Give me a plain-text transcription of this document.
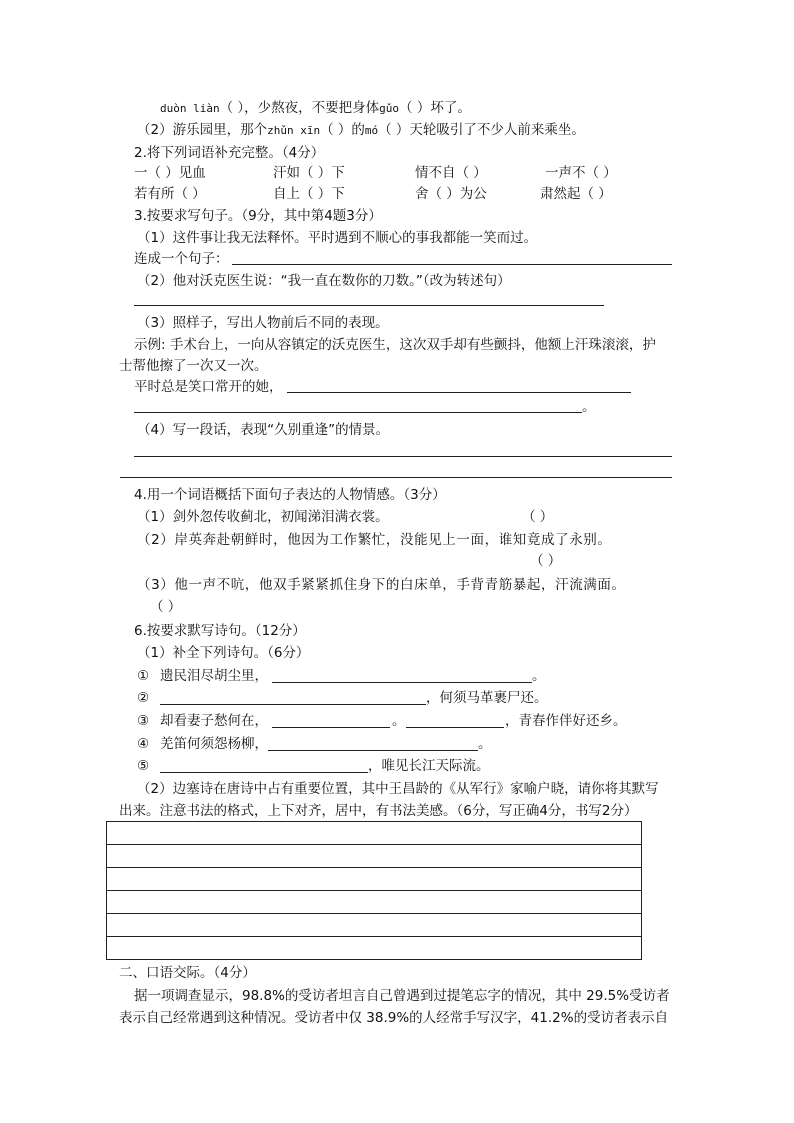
duòn liàn（ ），少熬夜，不要把身体gǔo（ ）坏了。
（2）游乐园里，那个zhǔn xīn（ ）的mó（ ）天轮吸引了不少人前来乘坐。
2.将下列词语补充完整。（4分）
一（ ）见血	汗如（ ）下	情不自（ ）	一声不（ ）
若有所（ ）	自上（ ）下	舍（ ）为公	肃然起（ ）
3.按要求写句子。（9分，其中第4题3分）
（1）这件事让我无法释怀。平时遇到不顺心的事我都能一笑而过。
连成一个句子：
（2）他对沃克医生说：“我一直在数你的刀数。”（改为转述句）
（3）照样子，写出人物前后不同的表现。
示例: 手术台上，一向从容镇定的沃克医生，这次双手却有些颤抖，他额上汗珠滚滚，护
士帮他擦了一次又一次。
平时总是笑口常开的她，
。
（4）写一段话，表现“久别重逢”的情景。
4.用一个词语概括下面句子表达的人物情感。（3分）
（1）剑外忽传收蓟北，初闻涕泪满衣裳。	（ ）
（2）岸英奔赴朝鲜时，他因为工作繁忙，没能见上一面，谁知竟成了永别。
（ ）
（3）他一声不吭，他双手紧紧抓住身下的白床单，手背青筋暴起，汗流满面。
（ ）
6.按要求默写诗句。（12分）
（1）补全下列诗句。（6分）
① 遗民泪尽胡尘里，	。
②	，何须马革裹尸还。
③ 却看妻子愁何在，	。	，青春作伴好还乡。
④ 羌笛何须怨杨柳，	。
⑤	，唯见长江天际流。
（2）边塞诗在唐诗中占有重要位置，其中王昌龄的《从军行》家喻户晓，请你将其默写
出来。注意书法的格式，上下对齐，居中，有书法美感。（6分，写正确4分，书写2分）
二、口语交际。（4分）
据一项调查显示，98.8%的受访者坦言自己曾遇到过提笔忘字的情况，其中 29.5%受访者
表示自己经常遇到这种情况。受访者中仅 38.9%的人经常手写汉字，41.2%的受访者表示自
